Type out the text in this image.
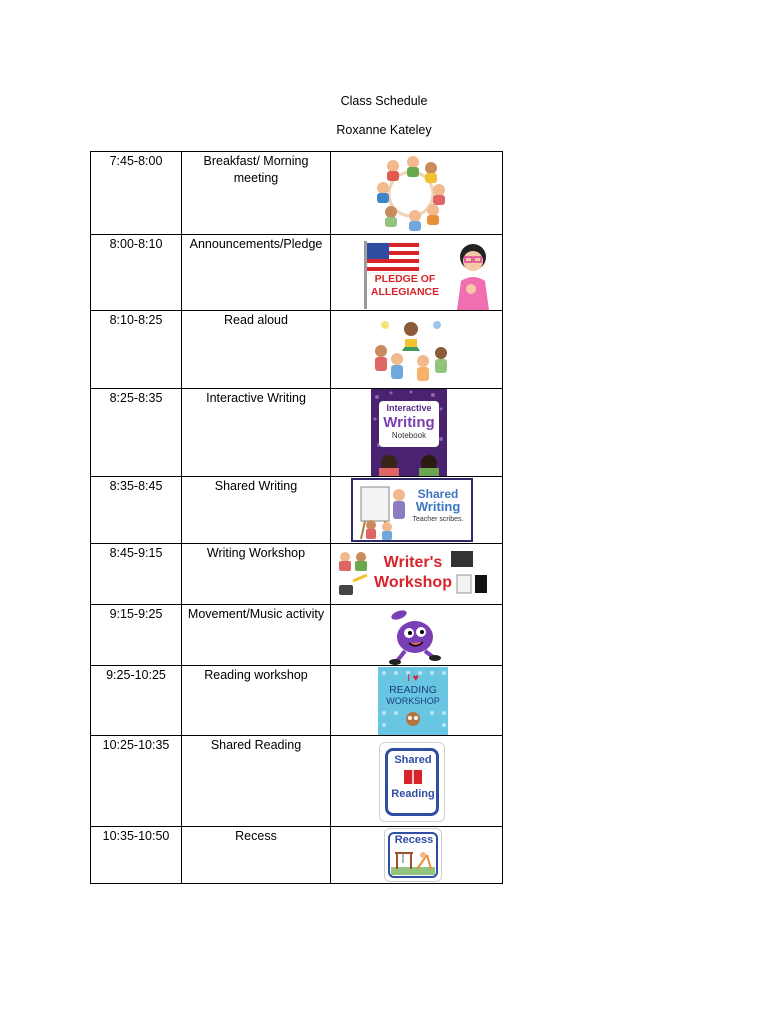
Class Schedule
Roxanne Kateley
7:45-8:00	Breakfast/ Morning meeting	

8:00-8:10	Announcements/Pledge	PLEDGE OF
ALLEGIANCE

8:10-8:25	Read aloud	

8:25-8:35	Interactive Writing	Interactive
Writing
Notebook

8:35-8:45	Shared Writing	Shared
Writing
Teacher scribes.

8:45-9:15	Writing Workshop	Writer's
Workshop

9:15-9:25	Movement/Music activity	

9:25-10:25	Reading workshop	I ♥
READING
WORKSHOP

10:25-10:35	Shared Reading	Shared
Reading

10:35-10:50	Recess	Recess
